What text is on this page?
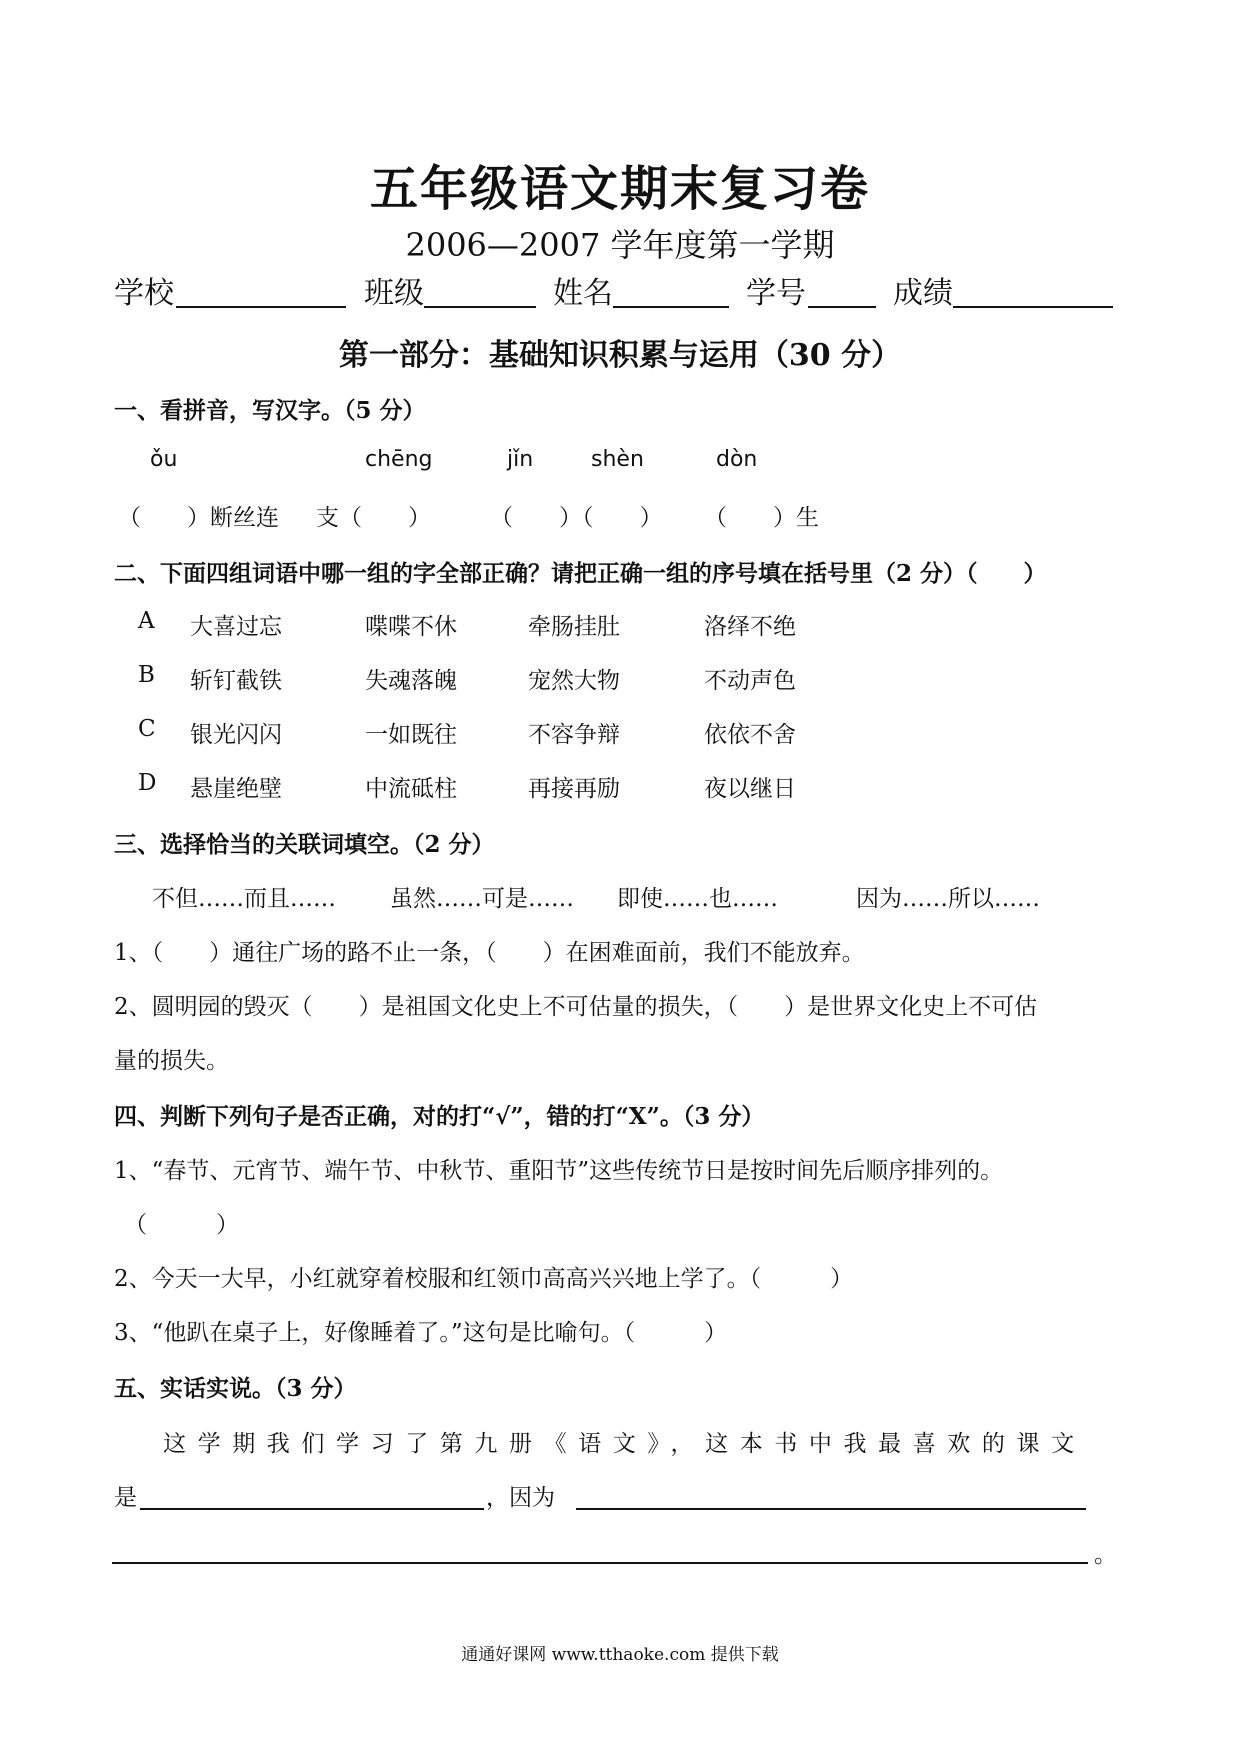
五年级语文期末复习卷
2006—2007 学年度第一学期
学校	班级	姓名	学号	成绩
第一部分：基础知识积累与运用（30 分）
一、看拼音，写汉字。（5 分）
ǒu	chēng	jǐn	shèn	dòn
（　　）断丝连 支（　　）	（　　）（　　） （　　）生
二、下面四组词语中哪一组的字全部正确？请把正确一组的序号填在括号里（2 分）（　　）
A 大喜过忘	喋喋不休	牵肠挂肚	洛绎不绝
B 斩钉截铁	失魂落魄	宠然大物	不动声色
C 银光闪闪	一如既往	不容争辩	依依不舍
D 悬崖绝壁	中流砥柱	再接再励	夜以继日
三、选择恰当的关联词填空。（2 分）
不但……而且…… 虽然……可是…… 即使……也……	因为……所以……
1、（　　）通往广场的路不止一条，（　　）在困难面前，我们不能放弃。
2、圆明园的毁灭（　　）是祖国文化史上不可估量的损失，（　　）是世界文化史上不可估
量的损失。
四、判断下列句子是否正确，对的打“√”，错的打“X”。（3 分）
1、“春节、元宵节、端午节、中秋节、重阳节”这些传统节日是按时间先后顺序排列的。
（　　　）
2、今天一大早，小红就穿着校服和红领巾高高兴兴地上学了。（　　　）
3、“他趴在桌子上，好像睡着了。”这句是比喻句。（　　　）
五、实话实说。（3 分）
这学期我们学习了第九册《语文》，这本书中我最喜欢的课文
是	，因为
。
通通好课网 www.tthaoke.com 提供下载
